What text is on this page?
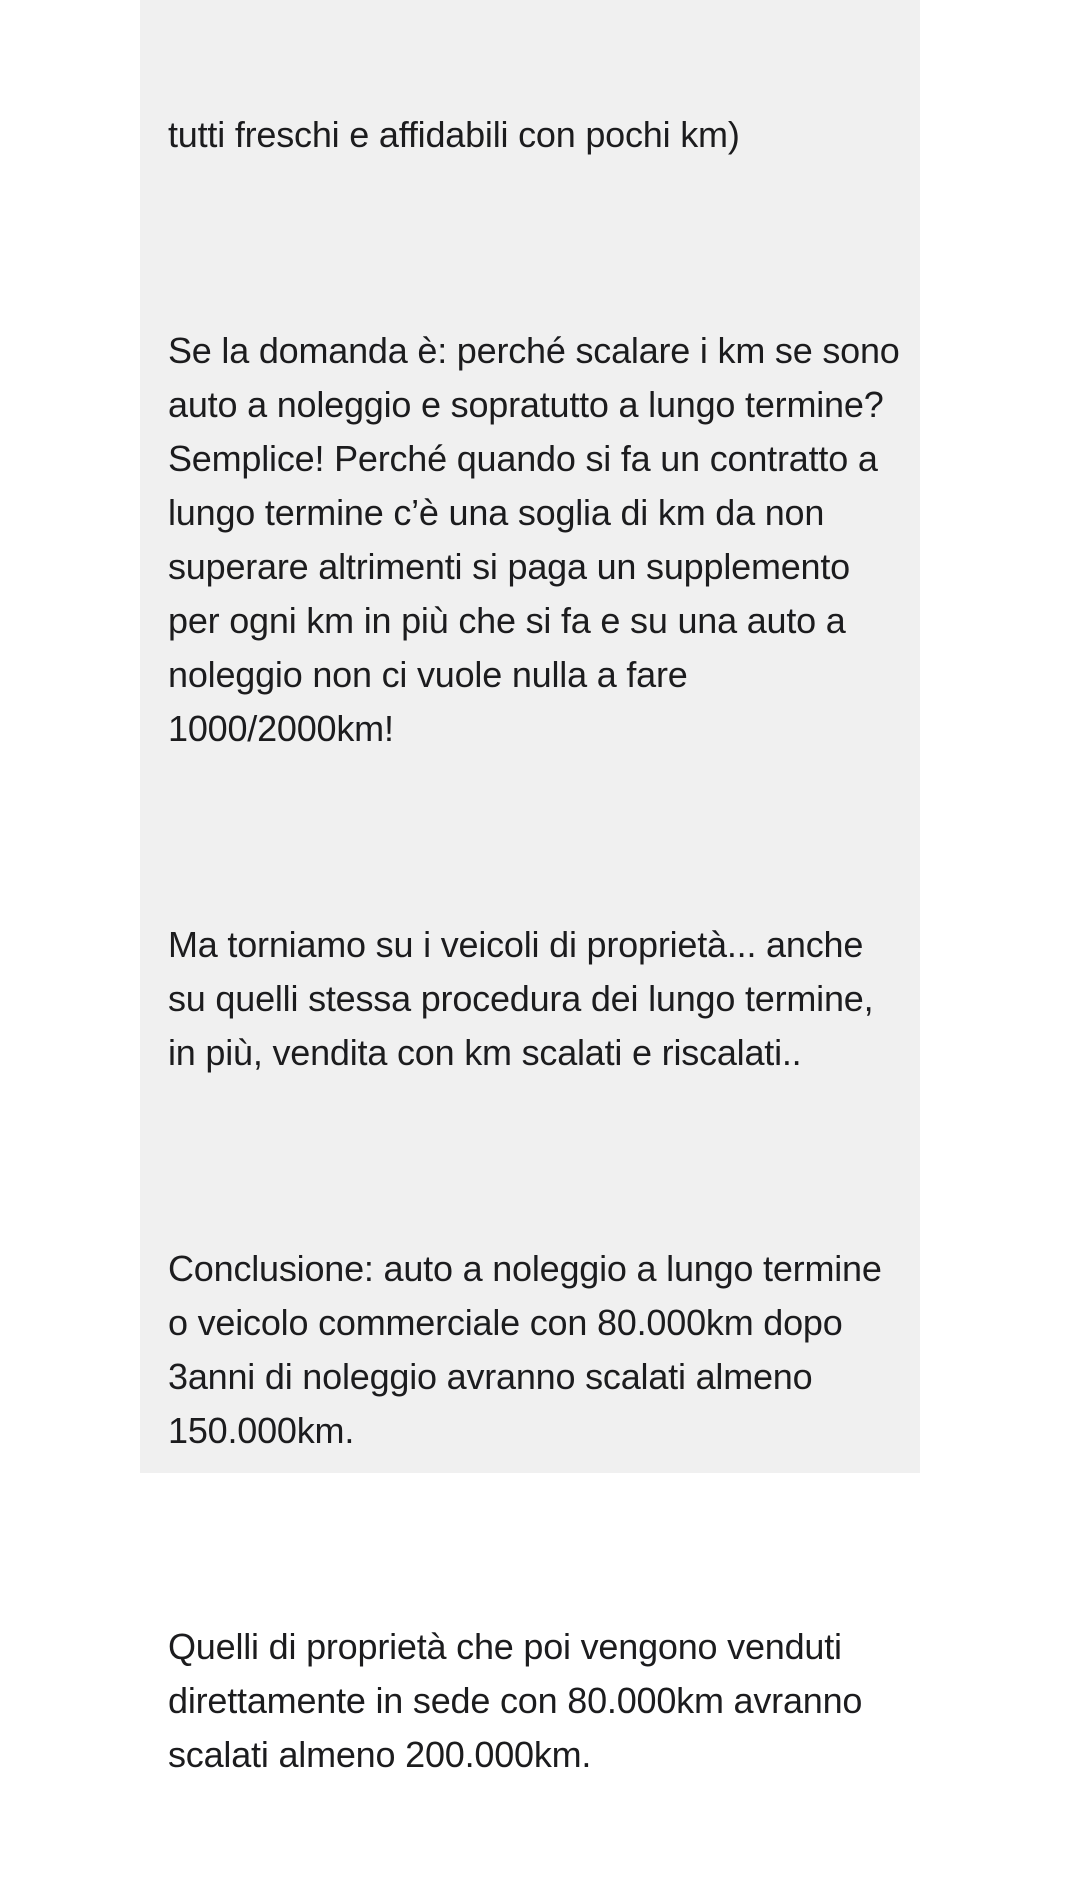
tutti freschi e affidabili con pochi km)

Se la domanda è: perché scalare i km se sono auto a noleggio e sopratutto a lungo termine? Semplice! Perché quando si fa un contratto a lungo termine c’è una soglia di km da non superare altrimenti si paga un supplemento per ogni km in più che si fa e su una auto a noleggio non ci vuole nulla a fare 1000/2000km!

Ma torniamo su i veicoli di proprietà... anche su quelli stessa procedura dei lungo termine, in più, vendita con km scalati e riscalati..

Conclusione: auto a noleggio a lungo termine o veicolo commerciale con 80.000km dopo 3anni di noleggio avranno scalati almeno 150.000km.

Quelli di proprietà che poi vengono venduti direttamente in sede con 80.000km avranno scalati almeno 200.000km.
